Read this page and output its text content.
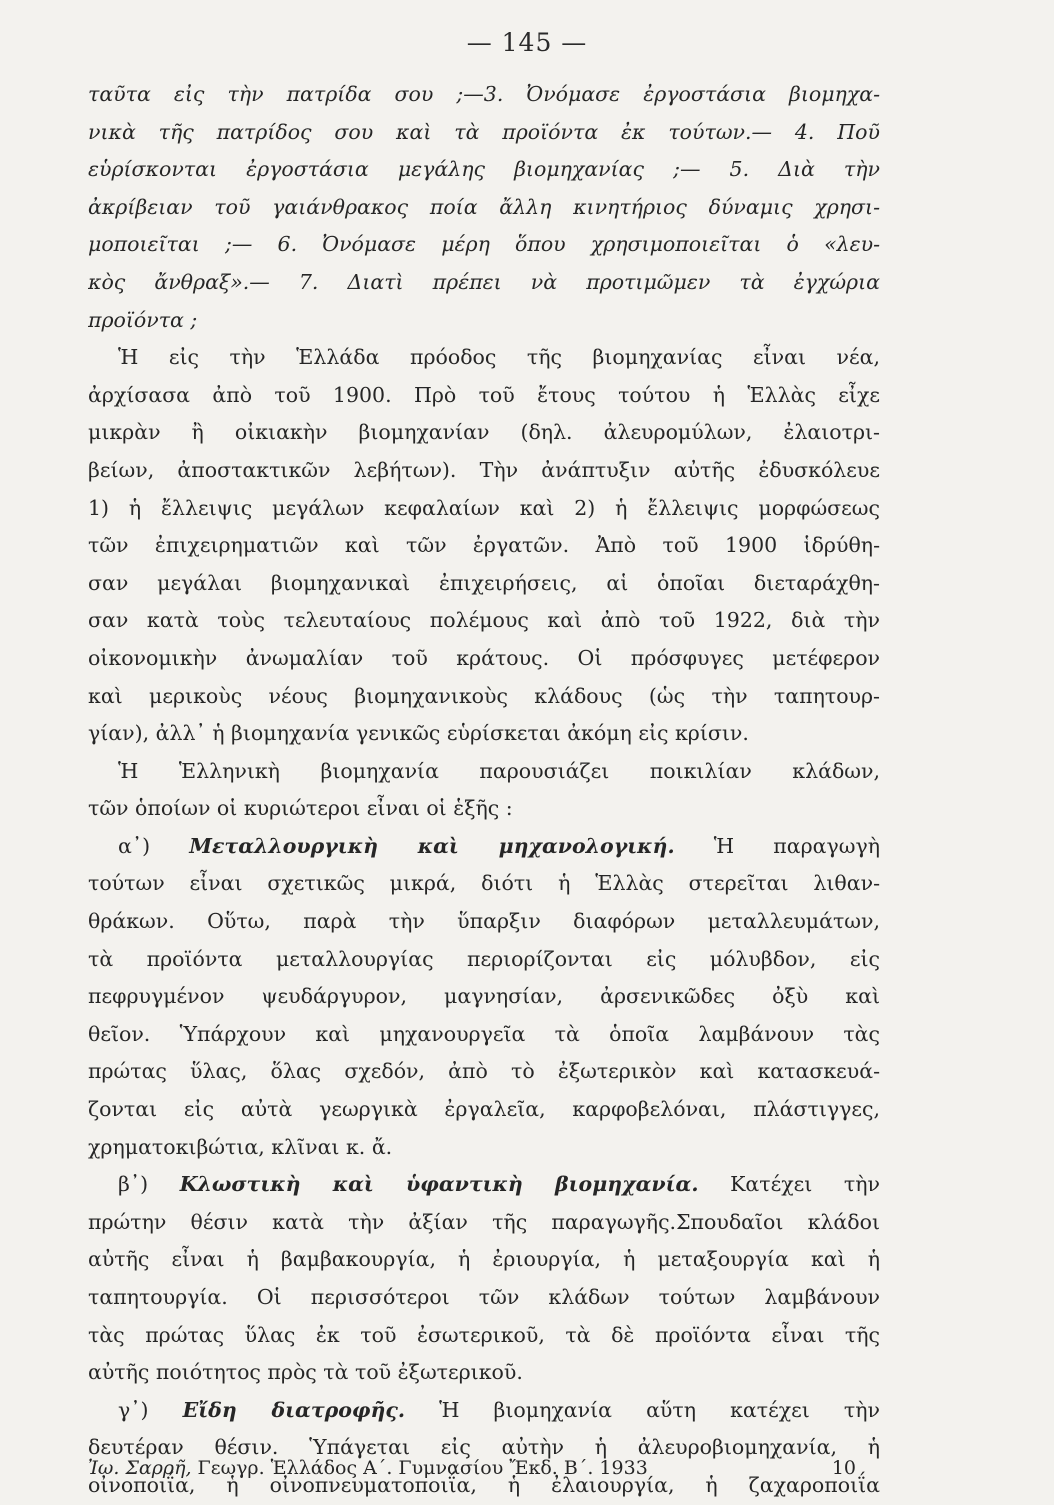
— 145 —
ταῦτα εἰς τὴν πατρίδα σου ;—3. Ὀνόμασε ἐργοστάσια βιομηχα-
νικὰ τῆς πατρίδος σου καὶ τὰ προϊόντα ἐκ τούτων.— 4. Ποῦ
εὑρίσκονται ἐργοστάσια μεγάλης βιομηχανίας ;— 5. Διὰ τὴν
ἀκρίβειαν τοῦ γαιάνθρακος ποία ἄλλη κινητήριος δύναμις χρησι-
μοποιεῖται ;— 6. Ὀνόμασε μέρη ὅπου χρησιμοποιεῖται ὁ «λευ-
κὸς ἄνθραξ».— 7. Διατὶ πρέπει νὰ προτιμῶμεν τὰ ἐγχώρια
προϊόντα ;
Ἡ εἰς τὴν Ἑλλάδα πρόοδος τῆς βιομηχανίας εἶναι νέα,
ἀρχίσασα ἀπὸ τοῦ 1900. Πρὸ τοῦ ἔτους τούτου ἡ Ἑλλὰς εἶχε
μικρὰν ἢ οἰκιακὴν βιομηχανίαν (δηλ. ἀλευρομύλων, ἐλαιοτρι-
βείων, ἀποστακτικῶν λεβήτων). Τὴν ἀνάπτυξιν αὐτῆς ἐδυσκόλευε
1) ἡ ἔλλειψις μεγάλων κεφαλαίων καὶ 2) ἡ ἔλλειψις μορφώσεως
τῶν ἐπιχειρηματιῶν καὶ τῶν ἐργατῶν. Ἀπὸ τοῦ 1900 ἱδρύθη-
σαν μεγάλαι βιομηχανικαὶ ἐπιχειρήσεις, αἱ ὁποῖαι διεταράχθη-
σαν κατὰ τοὺς τελευταίους πολέμους καὶ ἀπὸ τοῦ 1922, διὰ τὴν
οἰκονομικὴν ἀνωμαλίαν τοῦ κράτους. Οἱ πρόσφυγες μετέφερον
καὶ μερικοὺς νέους βιομηχανικοὺς κλάδους (ὡς τὴν ταπητουρ-
γίαν), ἀλλ᾽ ἡ βιομηχανία γενικῶς εὑρίσκεται ἀκόμη εἰς κρίσιν.
Ἡ Ἑλληνικὴ βιομηχανία παρουσιάζει ποικιλίαν κλάδων,
τῶν ὁποίων οἱ κυριώτεροι εἶναι οἱ ἑξῆς :
α᾽) Μεταλλουργικὴ καὶ μηχανολογική. Ἡ παραγωγὴ
τούτων εἶναι σχετικῶς μικρά, διότι ἡ Ἑλλὰς στερεῖται λιθαν-
θράκων. Οὕτω, παρὰ τὴν ὕπαρξιν διαφόρων μεταλλευμάτων,
τὰ προϊόντα μεταλλουργίας περιορίζονται εἰς μόλυβδον, εἰς
πεφρυγμένον ψευδάργυρον, μαγνησίαν, ἀρσενικῶδες ὀξὺ καὶ
θεῖον. Ὑπάρχουν καὶ μηχανουργεῖα τὰ ὁποῖα λαμβάνουν τὰς
πρώτας ὕλας, ὅλας σχεδόν, ἀπὸ τὸ ἐξωτερικὸν καὶ κατασκευά-
ζονται εἰς αὐτὰ γεωργικὰ ἐργαλεῖα, καρφοβελόναι, πλάστιγγες,
χρηματοκιβώτια, κλῖναι κ. ἄ.
β᾽) Κλωστικὴ καὶ ὑφαντικὴ βιομηχανία. Κατέχει τὴν
πρώτην θέσιν κατὰ τὴν ἀξίαν τῆς παραγωγῆς.Σπουδαῖοι κλάδοι
αὐτῆς εἶναι ἡ βαμβακουργία, ἡ ἐριουργία, ἡ μεταξουργία καὶ ἡ
ταπητουργία. Οἱ περισσότεροι τῶν κλάδων τούτων λαμβάνουν
τὰς πρώτας ὕλας ἐκ τοῦ ἐσωτερικοῦ, τὰ δὲ προϊόντα εἶναι τῆς
αὐτῆς ποιότητος πρὸς τὰ τοῦ ἐξωτερικοῦ.
γ᾽) Εἴδη διατροφῆς. Ἡ βιομηχανία αὕτη κατέχει τὴν
δευτέραν θέσιν. Ὑπάγεται εἰς αὐτὴν ἡ ἀλευροβιομηχανία, ἡ
οἰνοποιΐα, ἡ οἰνοπνευματοποιΐα, ἡ ἐλαιουργία, ἡ ζαχαροποιΐα
Ἰω. Σαρρῆ, Γεωγρ. Ἑλλάδος Α΄. Γυμνασίου Ἔκδ. Β΄. 1933	10
